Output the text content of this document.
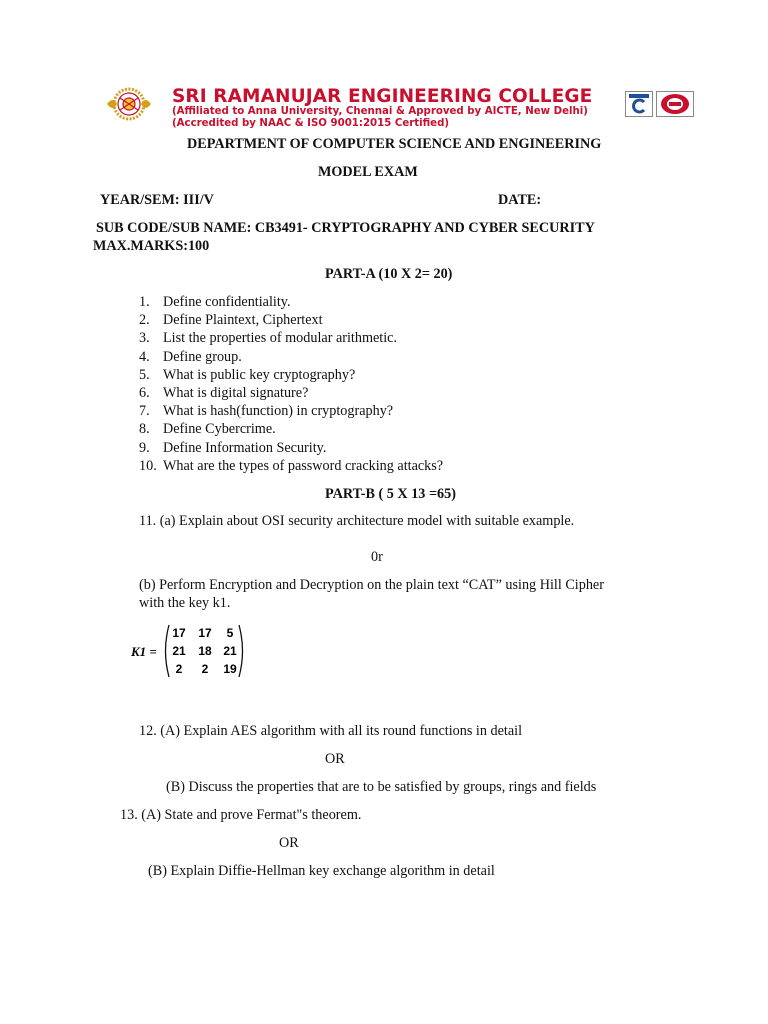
SRI RAMANUJAR ENGINEERING COLLEGE
(Affiliated to Anna University, Chennai & Approved by AICTE, New Delhi)
(Accredited by NAAC & ISO 9001:2015 Certified)
DEPARTMENT OF COMPUTER SCIENCE AND ENGINEERING
MODEL EXAM
YEAR/SEM: III/V	DATE:
SUB CODE/SUB NAME: CB3491- CRYPTOGRAPHY AND CYBER SECURITY
MAX.MARKS:100
PART-A (10 X 2= 20)
1. Define confidentiality.
2. Define Plaintext, Ciphertext
3. List the properties of modular arithmetic.
4. Define group.
5. What is public key cryptography?
6. What is digital signature?
7. What is hash(function) in cryptography?
8. Define Cybercrime.
9. Define Information Security.
10. What are the types of password cracking attacks?
PART-B ( 5 X 13 =65)
11. (a) Explain about OSI security architecture model with suitable example.
0r
(b) Perform Encryption and Decryption on the plain text “CAT” using Hill Cipher
with the key k1.
K1 =
17 17 5
21 18 21
2 2 19
12. (A) Explain AES algorithm with all its round functions in detail
OR
(B) Discuss the properties that are to be satisfied by groups, rings and fields
13. (A) State and prove Fermat"s theorem.
OR
(B) Explain Diffie-Hellman key exchange algorithm in detail
